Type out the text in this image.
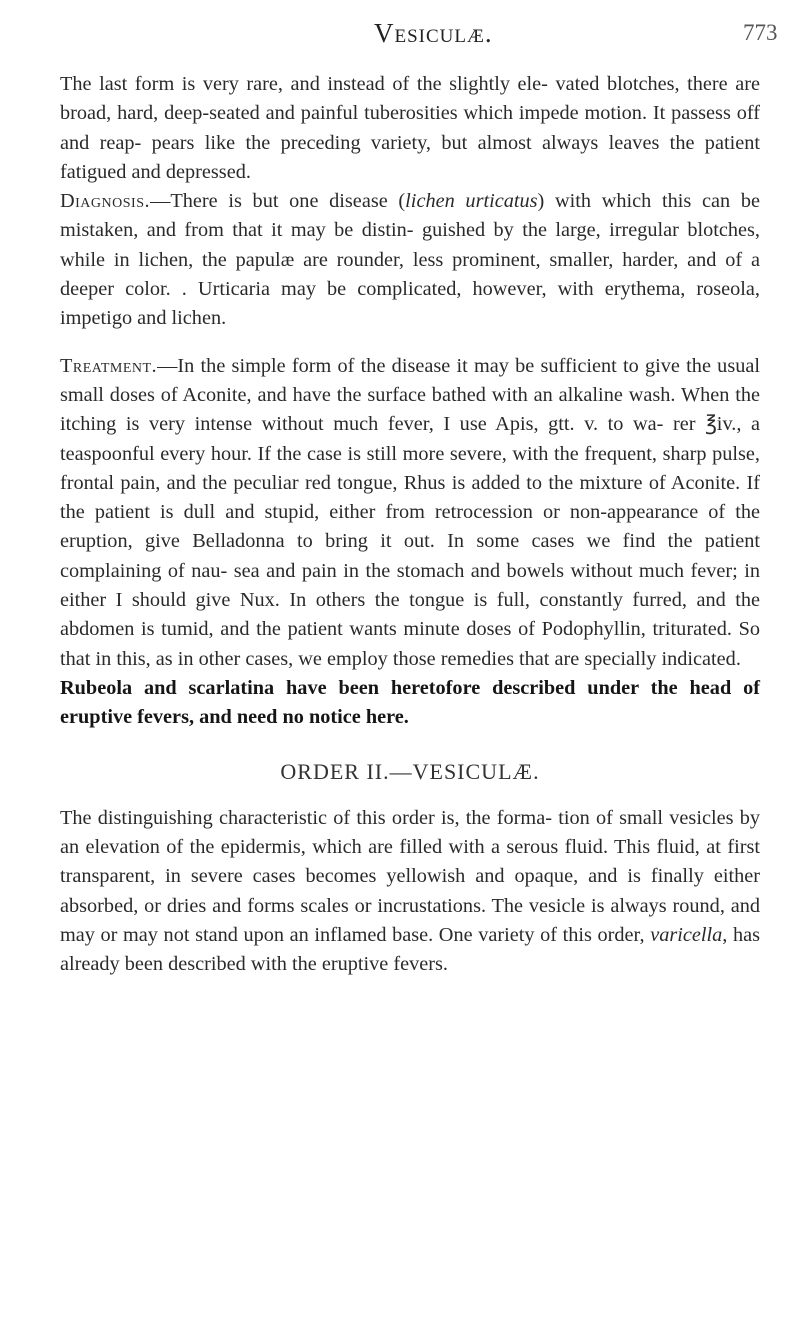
Vesiculæ.	773

The last form is very rare, and instead of the slightly ele- vated blotches, there are broad, hard, deep-seated and painful tuberosities which impede motion. It passess off and reap- pears like the preceding variety, but almost always leaves the patient fatigued and depressed.

Diagnosis.—There is but one disease (lichen urticatus) with which this can be mistaken, and from that it may be distin- guished by the large, irregular blotches, while in lichen, the papulæ are rounder, less prominent, smaller, harder, and of a deeper color. . Urticaria may be complicated, however, with erythema, roseola, impetigo and lichen.

Treatment.—In the simple form of the disease it may be sufficient to give the usual small doses of Aconite, and have the surface bathed with an alkaline wash. When the itching is very intense without much fever, I use Apis, gtt. v. to wa- rer ℥iv., a teaspoonful every hour. If the case is still more severe, with the frequent, sharp pulse, frontal pain, and the peculiar red tongue, Rhus is added to the mixture of Aconite. If the patient is dull and stupid, either from retrocession or non-appearance of the eruption, give Belladonna to bring it out. In some cases we find the patient complaining of nau- sea and pain in the stomach and bowels without much fever; in either I should give Nux. In others the tongue is full, constantly furred, and the abdomen is tumid, and the patient wants minute doses of Podophyllin, triturated. So that in this, as in other cases, we employ those remedies that are specially indicated.

Rubeola and scarlatina have been heretofore described under the head of eruptive fevers, and need no notice here.

ORDER II.—VESICULÆ.

The distinguishing characteristic of this order is, the forma- tion of small vesicles by an elevation of the epidermis, which are filled with a serous fluid. This fluid, at first transparent, in severe cases becomes yellowish and opaque, and is finally either absorbed, or dries and forms scales or incrustations. The vesicle is always round, and may or may not stand upon an inflamed base. One variety of this order, varicella, has already been described with the eruptive fevers.
